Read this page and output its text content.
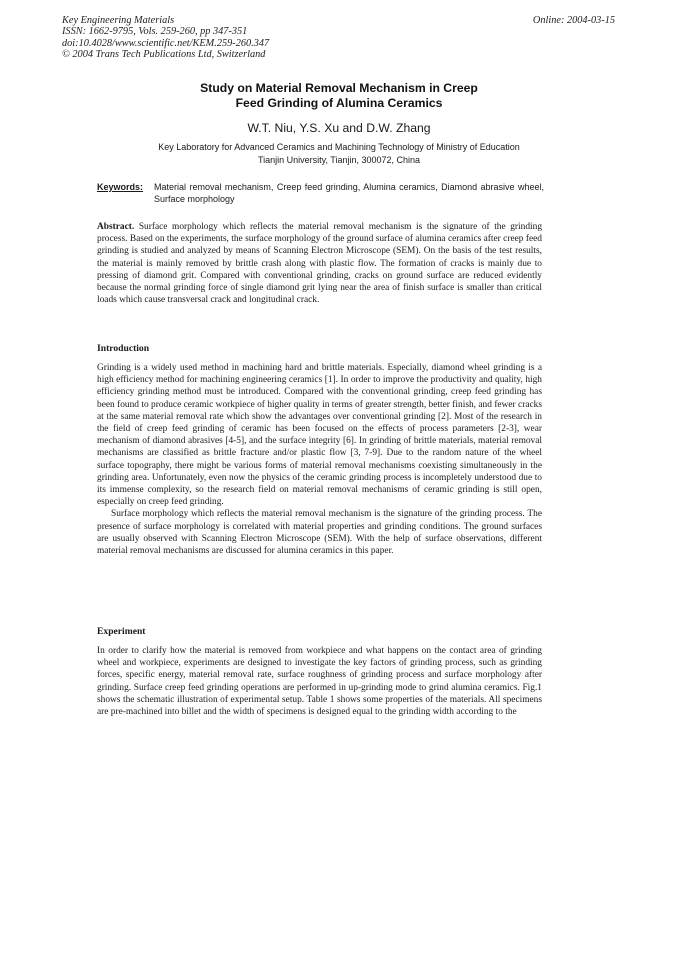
Key Engineering Materials
ISSN: 1662-9795, Vols. 259-260, pp 347-351
doi:10.4028/www.scientific.net/KEM.259-260.347
© 2004 Trans Tech Publications Ltd, Switzerland
Online: 2004-03-15
Study on Material Removal Mechanism in Creep
Feed Grinding of Alumina Ceramics
W.T. Niu, Y.S. Xu and D.W. Zhang
Key Laboratory for Advanced Ceramics and Machining Technology of Ministry of Education
Tianjin University, Tianjin, 300072, China
Keywords: Material removal mechanism, Creep feed grinding, Alumina ceramics, Diamond abrasive wheel, Surface morphology
Abstract. Surface morphology which reflects the material removal mechanism is the signature of the grinding process. Based on the experiments, the surface morphology of the ground surface of alumina ceramics after creep feed grinding is studied and analyzed by means of Scanning Electron Microscope (SEM). On the basis of the test results, the material is mainly removed by brittle crash along with plastic flow. The formation of cracks is mainly due to pressing of diamond grit. Compared with conventional grinding, cracks on ground surface are reduced evidently because the normal grinding force of single diamond grit lying near the area of finish surface is smaller than critical loads which cause transversal crack and longitudinal crack.
Introduction

Grinding is a widely used method in machining hard and brittle materials. Especially, diamond wheel grinding is a high efficiency method for machining engineering ceramics [1]. In order to improve the productivity and quality, high efficiency grinding method must be introduced. Compared with the conventional grinding, creep feed grinding has been found to produce ceramic workpiece of higher quality in terms of greater strength, better finish, and fewer cracks at the same material removal rate which show the advantages over conventional grinding [2]. Most of the research in the field of creep feed grinding of ceramic has been focused on the effects of process parameters [2-3], wear mechanism of diamond abrasives [4-5], and the surface integrity [6]. In grinding of brittle materials, material removal mechanisms are classified as brittle fracture and/or plastic flow [3, 7-9]. Due to the random nature of the wheel surface topography, there might be various forms of material removal mechanisms coexisting simultaneously in the grinding area. Unfortunately, even now the physics of the ceramic grinding process is incompletely understood due to its immense complexity, so the research field on material removal mechanisms of ceramic grinding is still open, especially on creep feed grinding.

Surface morphology which reflects the material removal mechanism is the signature of the grinding process. The presence of surface morphology is correlated with material properties and grinding conditions. The ground surfaces are usually observed with Scanning Electron Microscope (SEM). With the help of surface observations, different material removal mechanisms are discussed for alumina ceramics in this paper.

Experiment

In order to clarify how the material is removed from workpiece and what happens on the contact area of grinding wheel and workpiece, experiments are designed to investigate the key factors of grinding process, such as grinding forces, specific energy, material removal rate, surface roughness of grinding process and surface morphology after grinding. Surface creep feed grinding operations are performed in up-grinding mode to grind alumina ceramics. Fig.1 shows the schematic illustration of experimental setup. Table 1 shows some properties of the materials. All specimens are pre-machined into billet and the width of specimens is designed equal to the grinding width according to the
